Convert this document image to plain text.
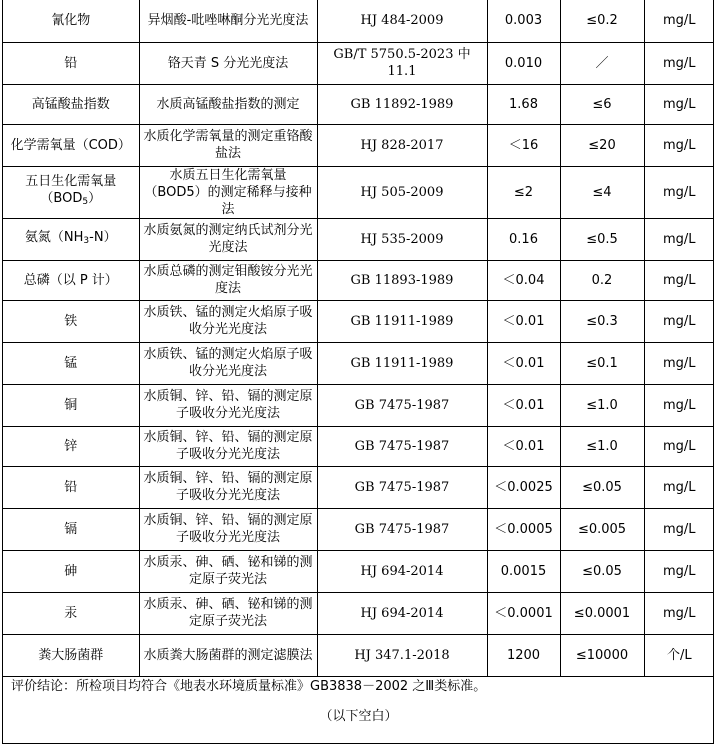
氰化物	异烟酸-吡唑啉酮分光光度法	HJ 484-2009	0.003	≤0.2	mg/L
铅	铬天青 S 分光光度法	GB/T 5750.5-2023 中 11.1	0.010	／	mg/L
高锰酸盐指数	水质高锰酸盐指数的测定	GB 11892-1989	1.68	≤6	mg/L
化学需氧量（COD）	水质化学需氧量的测定重铬酸盐法	HJ 828-2017	＜16	≤20	mg/L
五日生化需氧量$(BOD_5)$	水质五日生化需氧量（BOD5）的测定稀释与接种法	HJ 505-2009	≤2	≤4	mg/L
氨氮$(NH_3-N)$	水质氨氮的测定纳氏试剂分光光度法	HJ 535-2009	0.16	≤0.5	mg/L
总磷（以 P 计）	水质总磷的测定钼酸铵分光光度法	GB 11893-1989	＜0.04	0.2	mg/L
铁	水质铁、锰的测定火焰原子吸收分光光度法	GB 11911-1989	＜0.01	≤0.3	mg/L
锰	水质铁、锰的测定火焰原子吸收分光光度法	GB 11911-1989	＜0.01	≤0.1	mg/L
铜	水质铜、锌、铅、镉的测定原子吸收分光光度法	GB 7475-1987	＜0.01	≤1.0	mg/L
锌	水质铜、锌、铅、镉的测定原子吸收分光光度法	GB 7475-1987	＜0.01	≤1.0	mg/L
铅	水质铜、锌、铅、镉的测定原子吸收分光光度法	GB 7475-1987	＜0.0025	≤0.05	mg/L
镉	水质铜、锌、铅、镉的测定原子吸收分光光度法	GB 7475-1987	＜0.0005	≤0.005	mg/L
砷	水质汞、砷、硒、铋和锑的测定原子荧光法	HJ 694-2014	0.0015	≤0.05	mg/L
汞	水质汞、砷、硒、铋和锑的测定原子荧光法	HJ 694-2014	＜0.0001	≤0.0001	mg/L
粪大肠菌群	水质粪大肠菌群的测定滤膜法	HJ 347.1-2018	1200	≤10000	个/L
评价结论：所检项目均符合《地表水环境质量标准》GB3838－2002 之Ⅲ类标准。
（以下空白）
